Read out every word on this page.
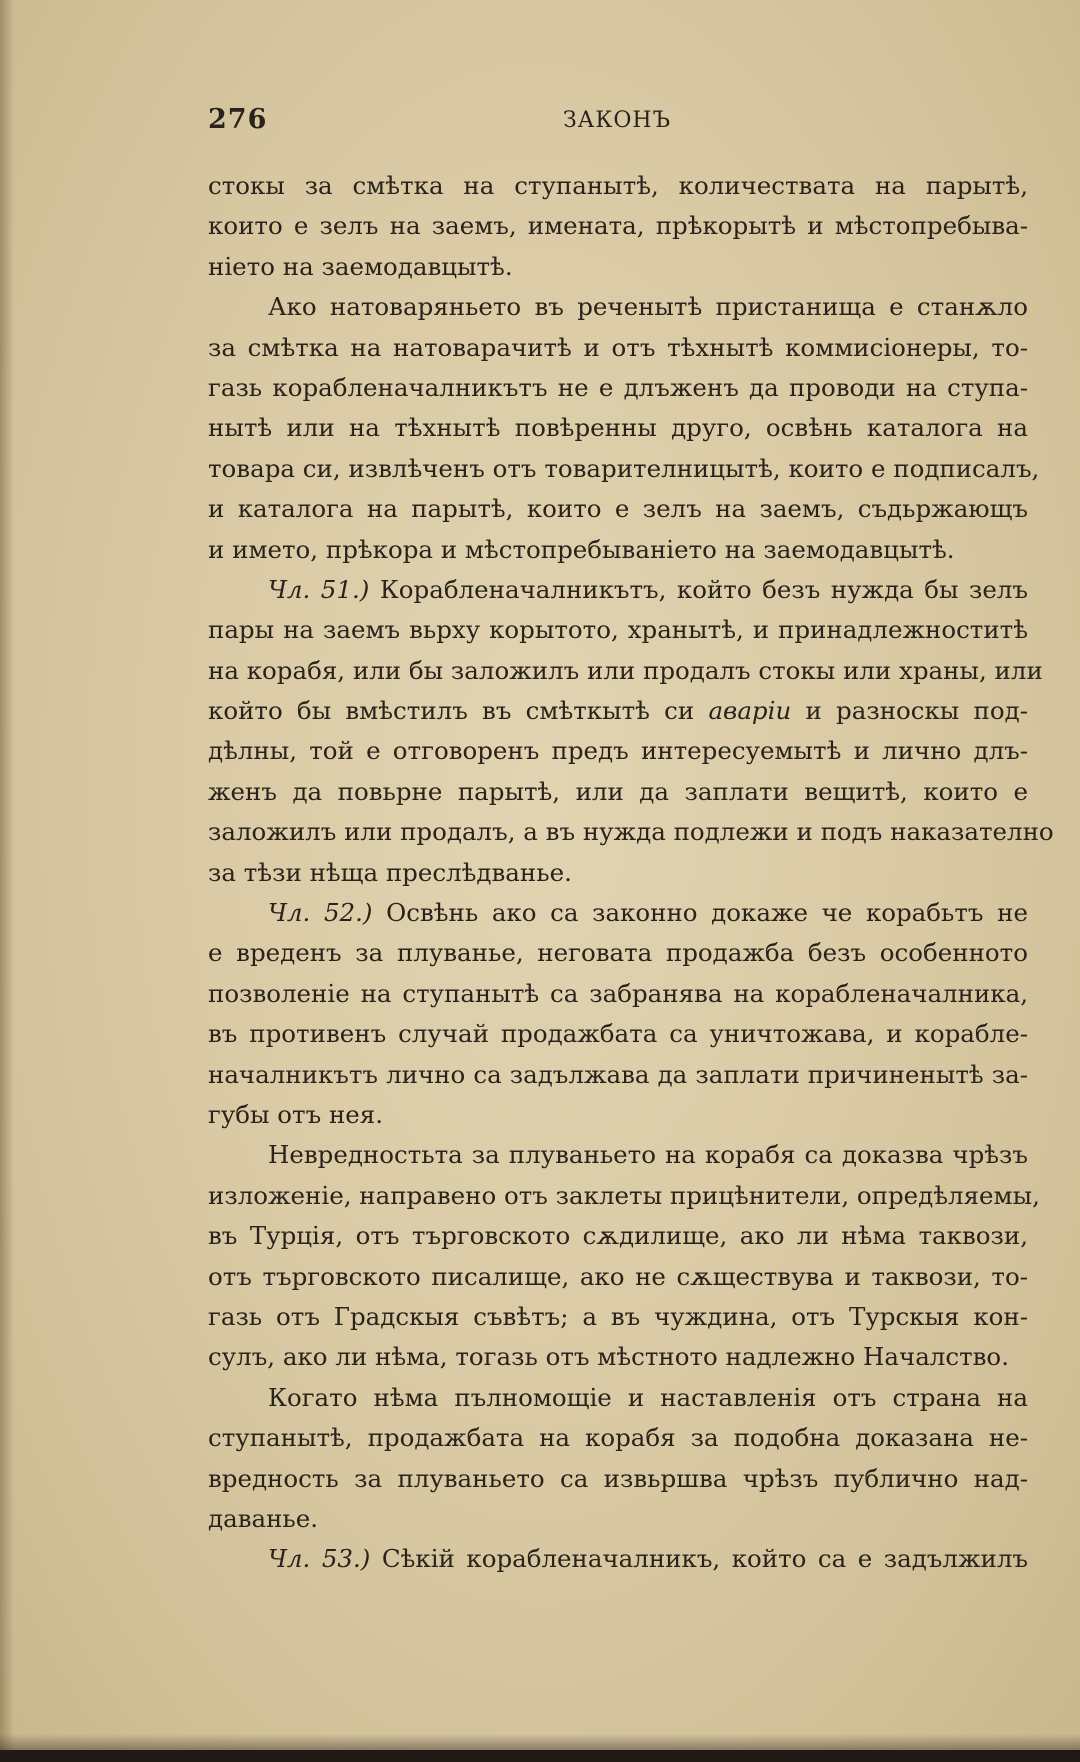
276	ЗАКОНЪ

стокы за смѣтка на ступанытѣ, количествата на парытѣ,
които е зелъ на заемъ, имената, прѣкорытѣ и мѣстопребыва-
ніето на заемодавцытѣ.

Ако натоваряньето въ реченытѣ пристанища е станѫло
за смѣтка на натоварачитѣ и отъ тѣхнытѣ коммисіонеры, то-
газь корабленачалникътъ не е длъженъ да проводи на ступа-
нытѣ или на тѣхнытѣ повѣренны друго, освѣнь каталога на
товара си, извлѣченъ отъ товарителницытѣ, които е подписалъ,
и каталога на парытѣ, които е зелъ на заемъ, съдьржающъ
и името, прѣкора и мѣстопребываніето на заемодавцытѣ.

Чл. 51.) Корабленачалникътъ, който безъ нужда бы зелъ
пары на заемъ вьрху корытото, хранытѣ, и принадлежноститѣ
на корабя, или бы заложилъ или продалъ стокы или храны, или
който бы вмѣстилъ въ смѣткытѣ си аваріи и разноскы под-
дѣлны, той е отговоренъ предъ интересуемытѣ и лично длъ-
женъ да повьрне парытѣ, или да заплати вещитѣ, които е
заложилъ или продалъ, а въ нужда подлежи и подъ наказателно
за тѣзи нѣща преслѣдванье.

Чл. 52.) Освѣнь ако са законно докаже че корабьтъ не
е вреденъ за плуванье, неговата продажба безъ особенното
позволеніе на ступанытѣ са забранява на корабленачалника,
въ противенъ случай продажбата са уничтожава, и корабле-
началникътъ лично са задължава да заплати причиненытѣ за-
губы отъ нея.

Невредностьта за плуваньето на корабя са доказва чрѣзъ
изложеніе, направено отъ заклеты прицѣнители, опредѣляемы,
въ Турція, отъ търговското сѫдилище, ако ли нѣма таквози,
отъ търговското писалище, ако не сѫществува и таквози, то-
газь отъ Градскыя съвѣтъ; а въ чуждина, отъ Турскыя кон-
сулъ, ако ли нѣма, тогазь отъ мѣстното надлежно Началство.

Когато нѣма пълномощіе и наставленія отъ страна на
ступанытѣ, продажбата на корабя за подобна доказана не-
вредность за плуваньето са извьршва чрѣзъ публично над-
даванье.

Чл. 53.) Сѣкій корабленачалникъ, който са е задължилъ
